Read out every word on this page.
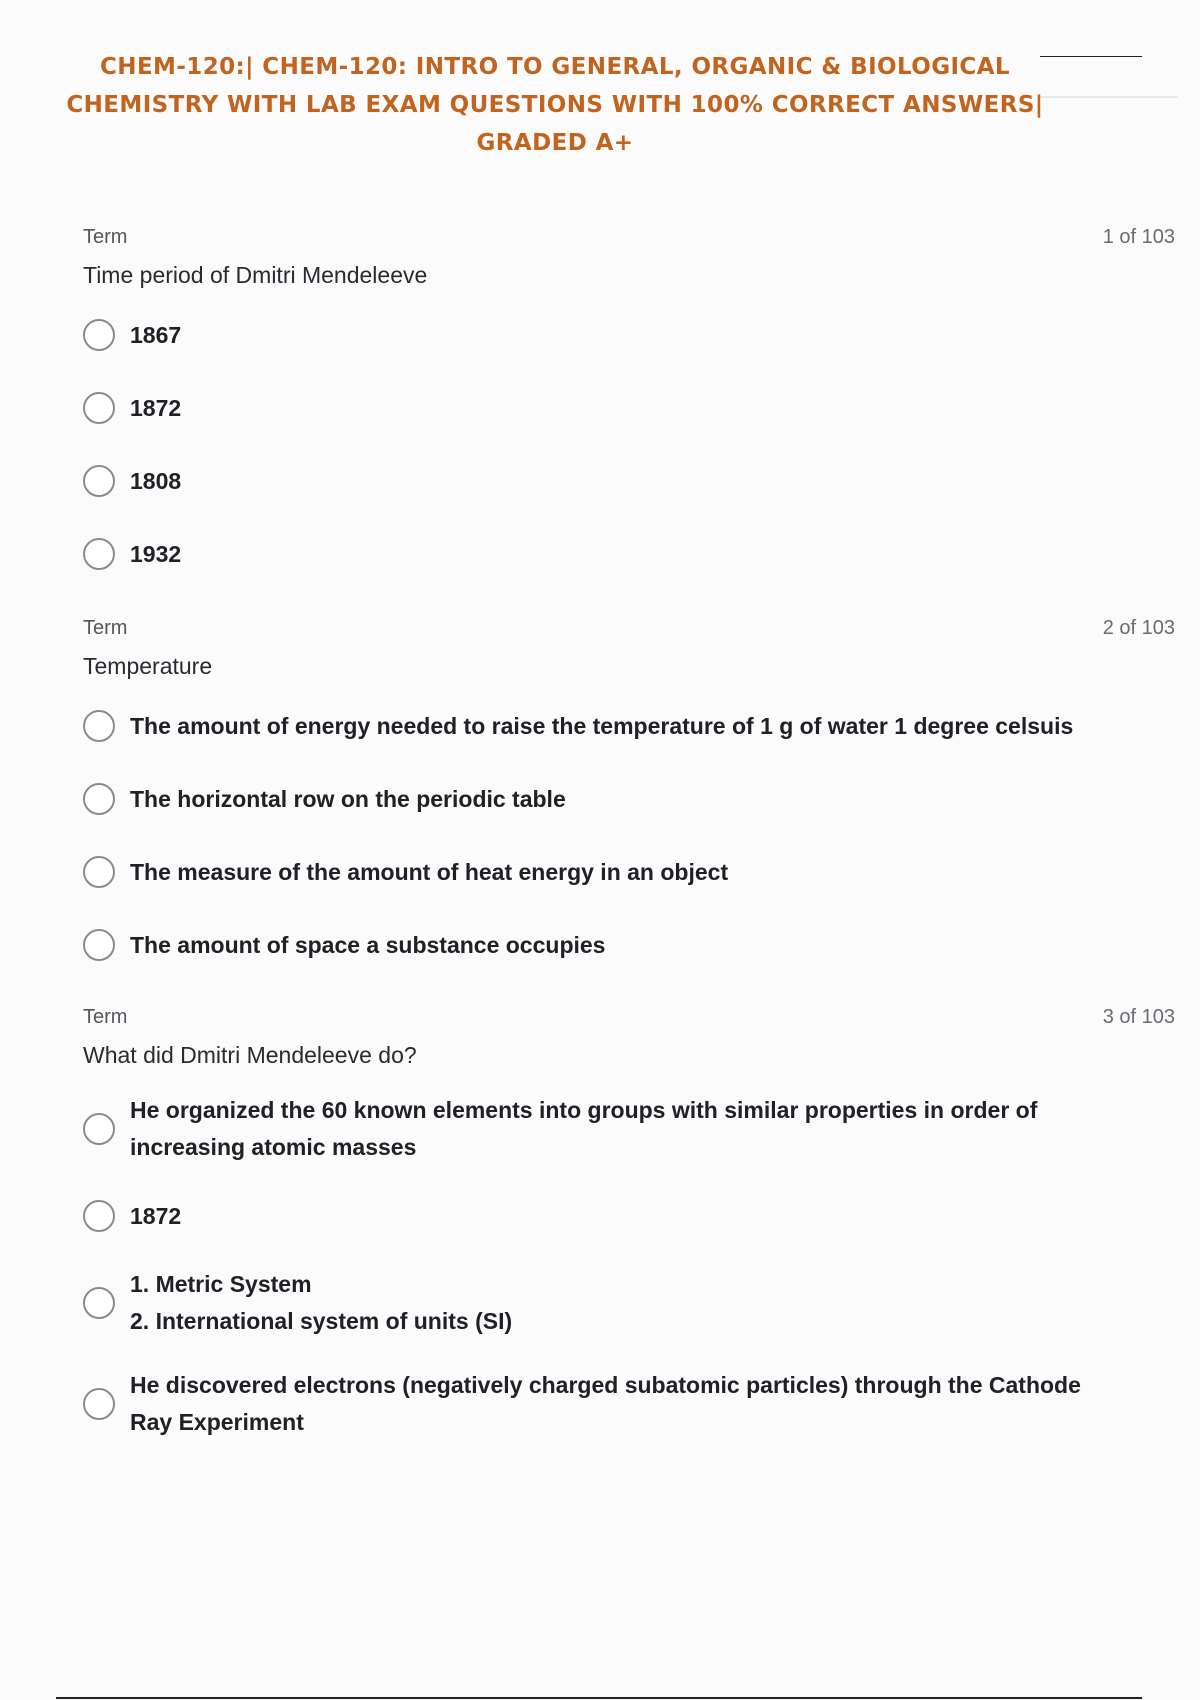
CHEM-120:| CHEM-120: INTRO TO GENERAL, ORGANIC & BIOLOGICAL CHEMISTRY WITH LAB EXAM QUESTIONS WITH 100% CORRECT ANSWERS| GRADED A+
Term	1 of 103
Time period of Dmitri Mendeleeve
1867
1872
1808
1932
Term	2 of 103
Temperature
The amount of energy needed to raise the temperature of 1 g of water 1 degree celsuis
The horizontal row on the periodic table
The measure of the amount of heat energy in an object
The amount of space a substance occupies
Term	3 of 103
What did Dmitri Mendeleeve do?
He organized the 60 known elements into groups with similar properties in order of
increasing atomic masses
1872
1. Metric System
2. International system of units (SI)
He discovered electrons (negatively charged subatomic particles) through the Cathode
Ray Experiment
